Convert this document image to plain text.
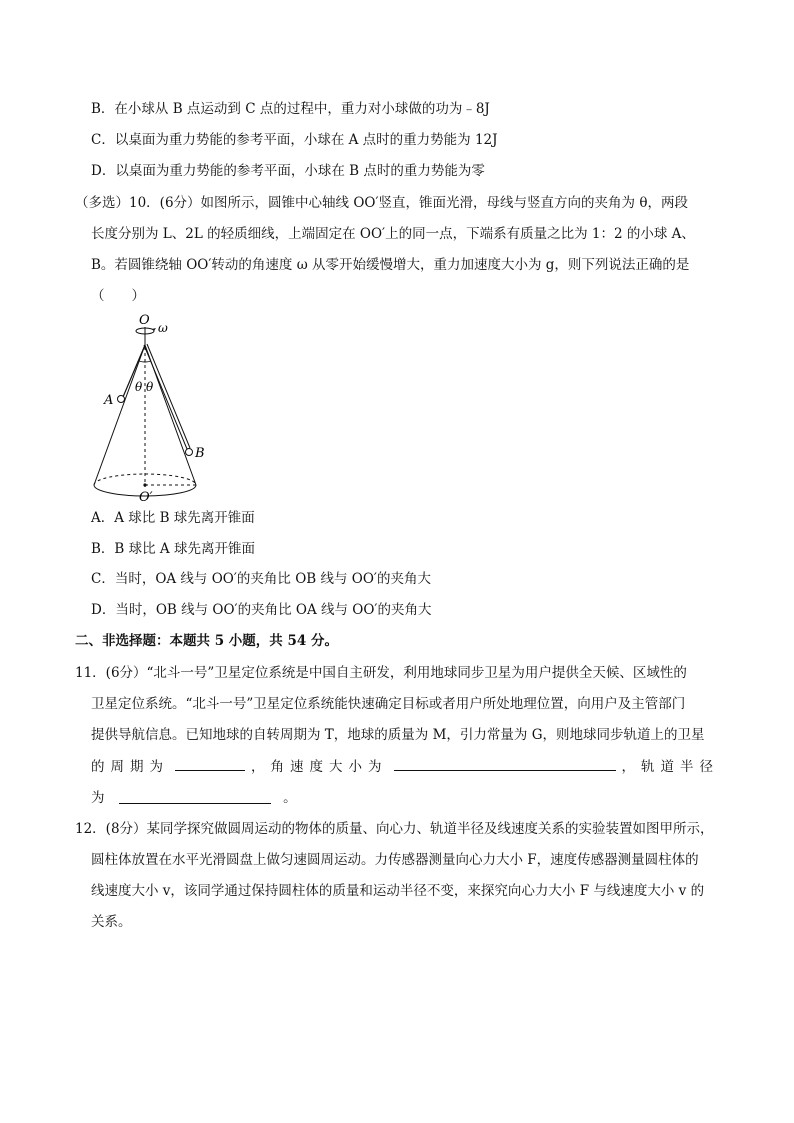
B．在小球从 B 点运动到 C 点的过程中，重力对小球做的功为﹣8J
C．以桌面为重力势能的参考平面，小球在 A 点时的重力势能为 12J
D．以桌面为重力势能的参考平面，小球在 B 点时的重力势能为零
（多选）10．(6分）如图所示，圆锥中心轴线 OO′竖直，锥面光滑，母线与竖直方向的夹角为 θ，两段
长度分别为 L、2L 的轻质细线，上端固定在 OO′上的同一点，下端系有质量之比为 1：2 的小球 A、
B。若圆锥绕轴 OO′转动的角速度 ω 从零开始缓慢增大，重力加速度大小为 g，则下列说法正确的是
（　　）
O ω
A
B
θ θ
O′
A．A 球比 B 球先离开锥面
B．B 球比 A 球先离开锥面
C．当时，OA 线与 OO′的夹角比 OB 线与 OO′的夹角大
D．当时，OB 线与 OO′的夹角比 OA 线与 OO′的夹角大
二、非选择题：本题共 5 小题，共 54 分。
11．(6分）“北斗一号”卫星定位系统是中国自主研发，利用地球同步卫星为用户提供全天候、区域性的
卫星定位系统。“北斗一号”卫星定位系统能快速确定目标或者用户所处地理位置，向用户及主管部门
提供导航信息。已知地球的自转周期为 T，地球的质量为 M，引力常量为 G，则地球同步轨道上的卫星
的周期为	，角速度大小为	，轨道半径
为	。
12．(8分）某同学探究做圆周运动的物体的质量、向心力、轨道半径及线速度关系的实验装置如图甲所示，
圆柱体放置在水平光滑圆盘上做匀速圆周运动。力传感器测量向心力大小 F，速度传感器测量圆柱体的
线速度大小 v，该同学通过保持圆柱体的质量和运动半径不变，来探究向心力大小 F 与线速度大小 v 的
关系。
